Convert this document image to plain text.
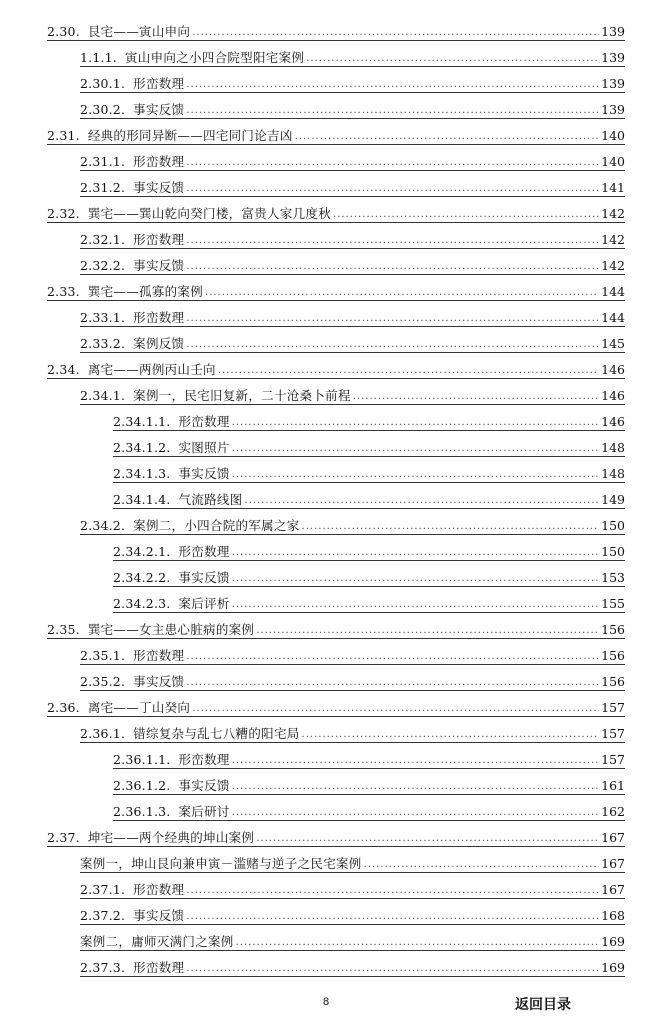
2.30. 艮宅——寅山申向 .....	139
1.1.1. 寅山申向之小四合院型阳宅案例 .....	139
2.30.1. 形峦数理 .....	139
2.30.2. 事实反馈 .....	139
2.31. 经典的形同异断——四宅同门论吉凶 .....	140
2.31.1. 形峦数理 .....	140
2.31.2. 事实反馈 .....	141
2.32. 巽宅——巽山乾向癸门楼，富贵人家几度秋 .....	142
2.32.1. 形峦数理 .....	142
2.32.2. 事实反馈 .....	142
2.33. 巽宅——孤寡的案例 .....	144
2.33.1. 形峦数理 .....	144
2.33.2. 案例反馈 .....	145
2.34. 离宅——两例丙山壬向 .....	146
2.34.1. 案例一，民宅旧复新，二十沧桑卜前程 .....	146
2.34.1.1. 形峦数理 .....	146
2.34.1.2. 实图照片 .....	148
2.34.1.3. 事实反馈 .....	148
2.34.1.4. 气流路线图 .....	149
2.34.2. 案例二，小四合院的军属之家 .....	150
2.34.2.1. 形峦数理 .....	150
2.34.2.2. 事实反馈 .....	153
2.34.2.3. 案后评析 .....	155
2.35. 巽宅——女主患心脏病的案例 .....	156
2.35.1. 形峦数理 .....	156
2.35.2. 事实反馈 .....	156
2.36. 离宅——丁山癸向 .....	157
2.36.1. 错综复杂与乱七八糟的阳宅局 .....	157
2.36.1.1. 形峦数理 .....	157
2.36.1.2. 事实反馈 .....	161
2.36.1.3. 案后研讨 .....	162
2.37. 坤宅——两个经典的坤山案例 .....	167
案例一，坤山艮向兼申寅－滥赌与逆子之民宅案例 .....	167
2.37.1. 形峦数理 .....	167
2.37.2. 事实反馈 .....	168
案例二，庸师灭满门之案例 .....	169
2.37.3. 形峦数理 .....	169
8	返回目录
